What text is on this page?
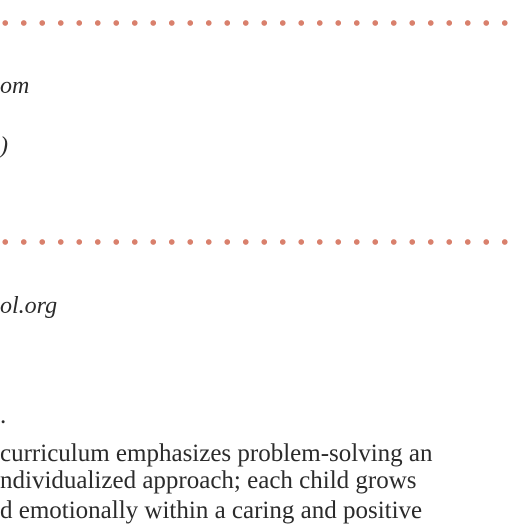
om

)

ol.org

.

curriculum emphasizes problem-solving an

ndividualized approach; each child grows

d emotionally within a caring and positive
